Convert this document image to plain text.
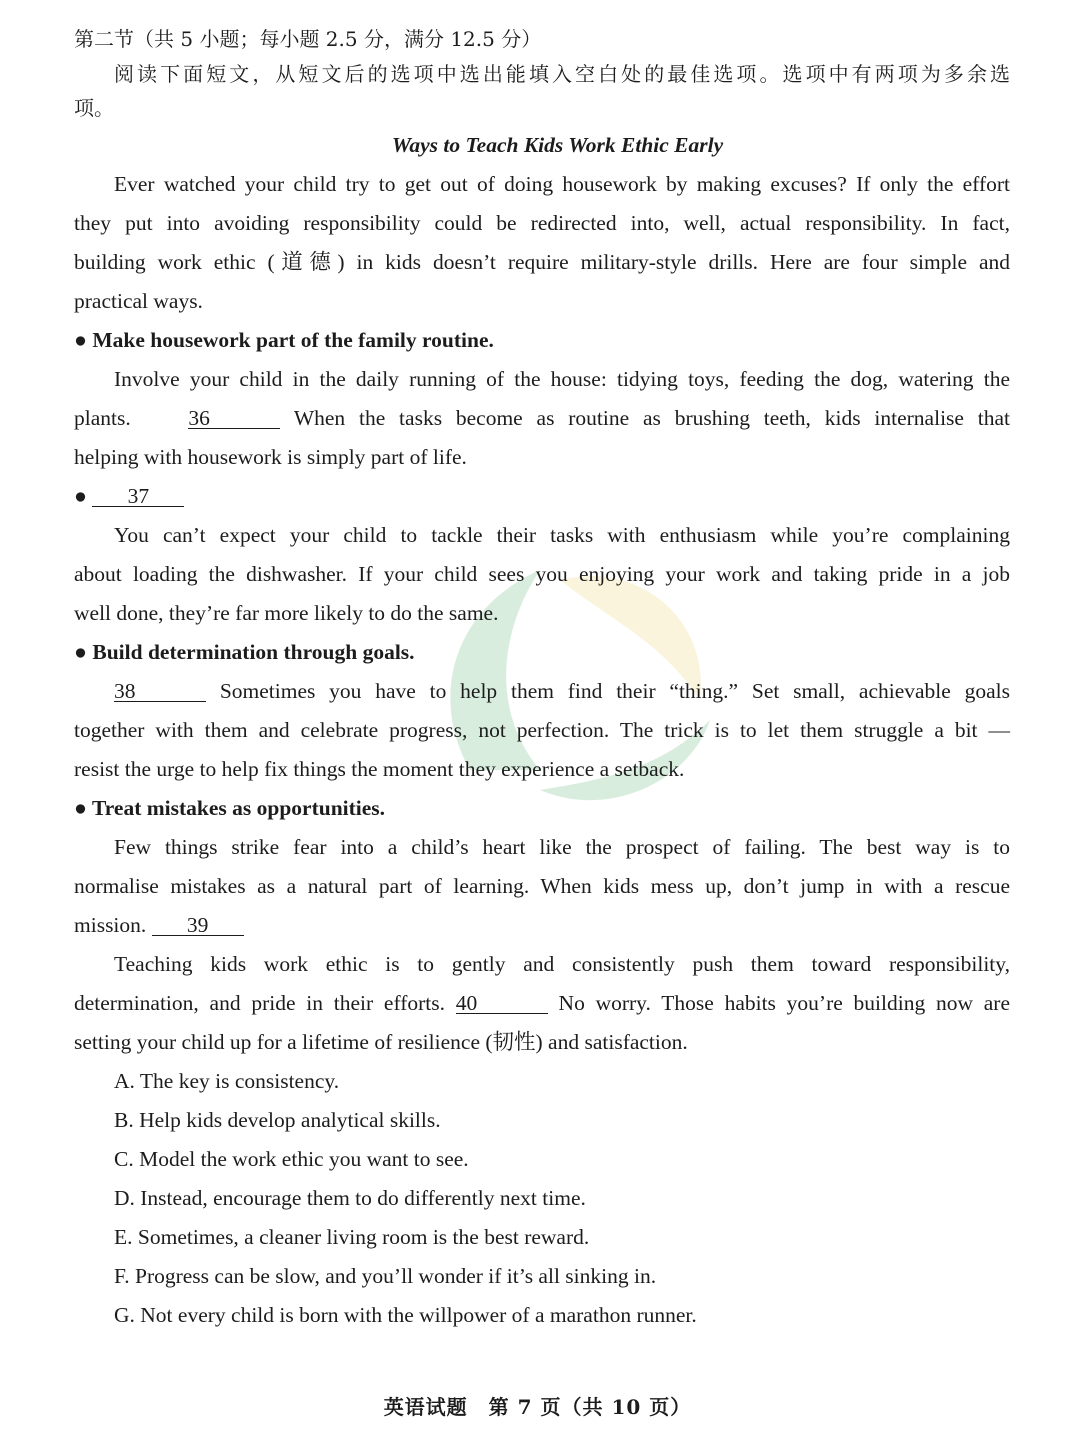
第二节（共 5 小题；每小题 2.5 分，满分 12.5 分）
阅读下面短文，从短文后的选项中选出能填入空白处的最佳选项。选项中有两项为多余选
项。
Ways to Teach Kids Work Ethic Early
Ever watched your child try to get out of doing housework by making excuses? If only the effort
they put into avoiding responsibility could be redirected into, well, actual responsibility. In fact,
building work ethic (道德) in kids doesn’t require military-style drills. Here are four simple and
practical ways.
● Make housework part of the family routine.
Involve your child in the daily running of the house: tidying toys, feeding the dog, watering the
plants.	36	When the tasks become as routine as brushing teeth, kids internalise that
helping with housework is simply part of life.
● 37
You can’t expect your child to tackle their tasks with enthusiasm while you’re complaining
about loading the dishwasher. If your child sees you enjoying your work and taking pride in a job
well done, they’re far more likely to do the same.
● Build determination through goals.
38	Sometimes you have to help them find their “thing.” Set small, achievable goals
together with them and celebrate progress, not perfection. The trick is to let them struggle a bit —
resist the urge to help fix things the moment they experience a setback.
● Treat mistakes as opportunities.
Few things strike fear into a child’s heart like the prospect of failing. The best way is to
normalise mistakes as a natural part of learning. When kids mess up, don’t jump in with a rescue
mission. 39
Teaching kids work ethic is to gently and consistently push them toward responsibility,
determination, and pride in their efforts. 40	No worry. Those habits you’re building now are
setting your child up for a lifetime of resilience (韧性) and satisfaction.
A. The key is consistency.
B. Help kids develop analytical skills.
C. Model the work ethic you want to see.
D. Instead, encourage them to do differently next time.
E. Sometimes, a cleaner living room is the best reward.
F. Progress can be slow, and you’ll wonder if it’s all sinking in.
G. Not every child is born with the willpower of a marathon runner.
英语试题　第 7 页（共 10 页）
